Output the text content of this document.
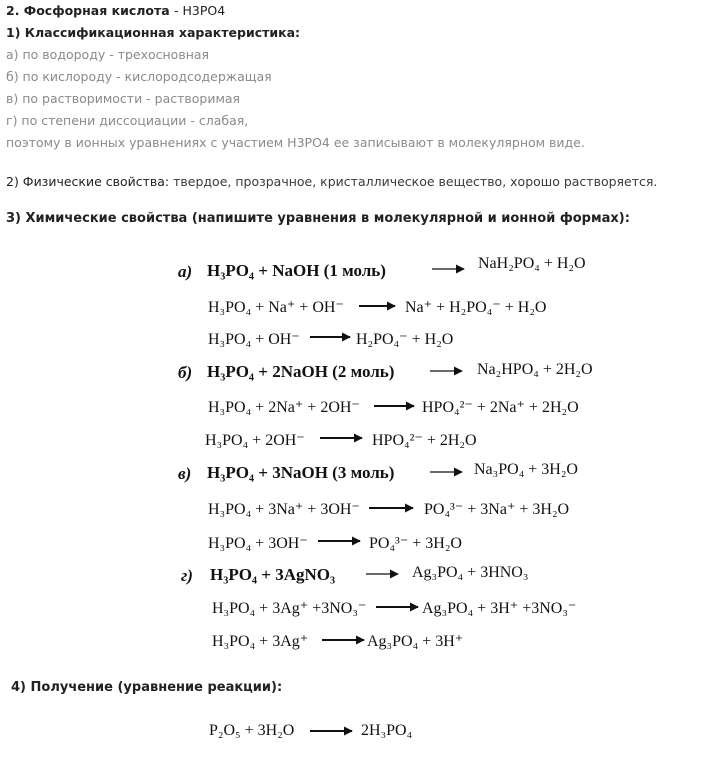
2. Фосфорная кислота - H3PO4
1) Классификационная характеристика:
а) по водороду - трехосновная
б) по кислороду - кислородсодержащая
в) по растворимости - растворимая
г) по степени диссоциации - слабая,
поэтому в ионных уравнениях с участием H3PO4 ее записывают в молекулярном виде.
2) Физические свойства: твердое, прозрачное, кристаллическое вещество, хорошо растворяется.
3) Химические свойства (напишите уравнения в молекулярной и ионной формах):
а) H₃PO₄ + NaOH (1 моль)	NaH₂PO₄ + H₂O
H₃PO₄ + Na⁺ + OH⁻	Na⁺ + H₂PO₄⁻ + H₂O
H₃PO₄ + OH⁻	H₂PO₄⁻ + H₂O
б) H₃PO₄ + 2NaOH (2 моль)	Na₂HPO₄ + 2H₂O
H₃PO₄ + 2Na⁺ + 2OH⁻	HPO₄²⁻ + 2Na⁺ + 2H₂O
H₃PO₄ + 2OH⁻	HPO₄²⁻ + 2H₂O
в) H₃PO₄ + 3NaOH (3 моль)	Na₃PO₄ + 3H₂O
H₃PO₄ + 3Na⁺ + 3OH⁻	PO₄³⁻ + 3Na⁺ + 3H₂O
H₃PO₄ + 3OH⁻	PO₄³⁻ + 3H₂O
г) H₃PO₄ + 3AgNO₃	Ag₃PO₄ + 3HNO₃
H₃PO₄ + 3Ag⁺ +3NO₃⁻	Ag₃PO₄ + 3H⁺ +3NO₃⁻
H₃PO₄ + 3Ag⁺	Ag₃PO₄ + 3H⁺
4) Получение (уравнение реакции):
P₂O₅ + 3H₂O	2H₃PO₄
